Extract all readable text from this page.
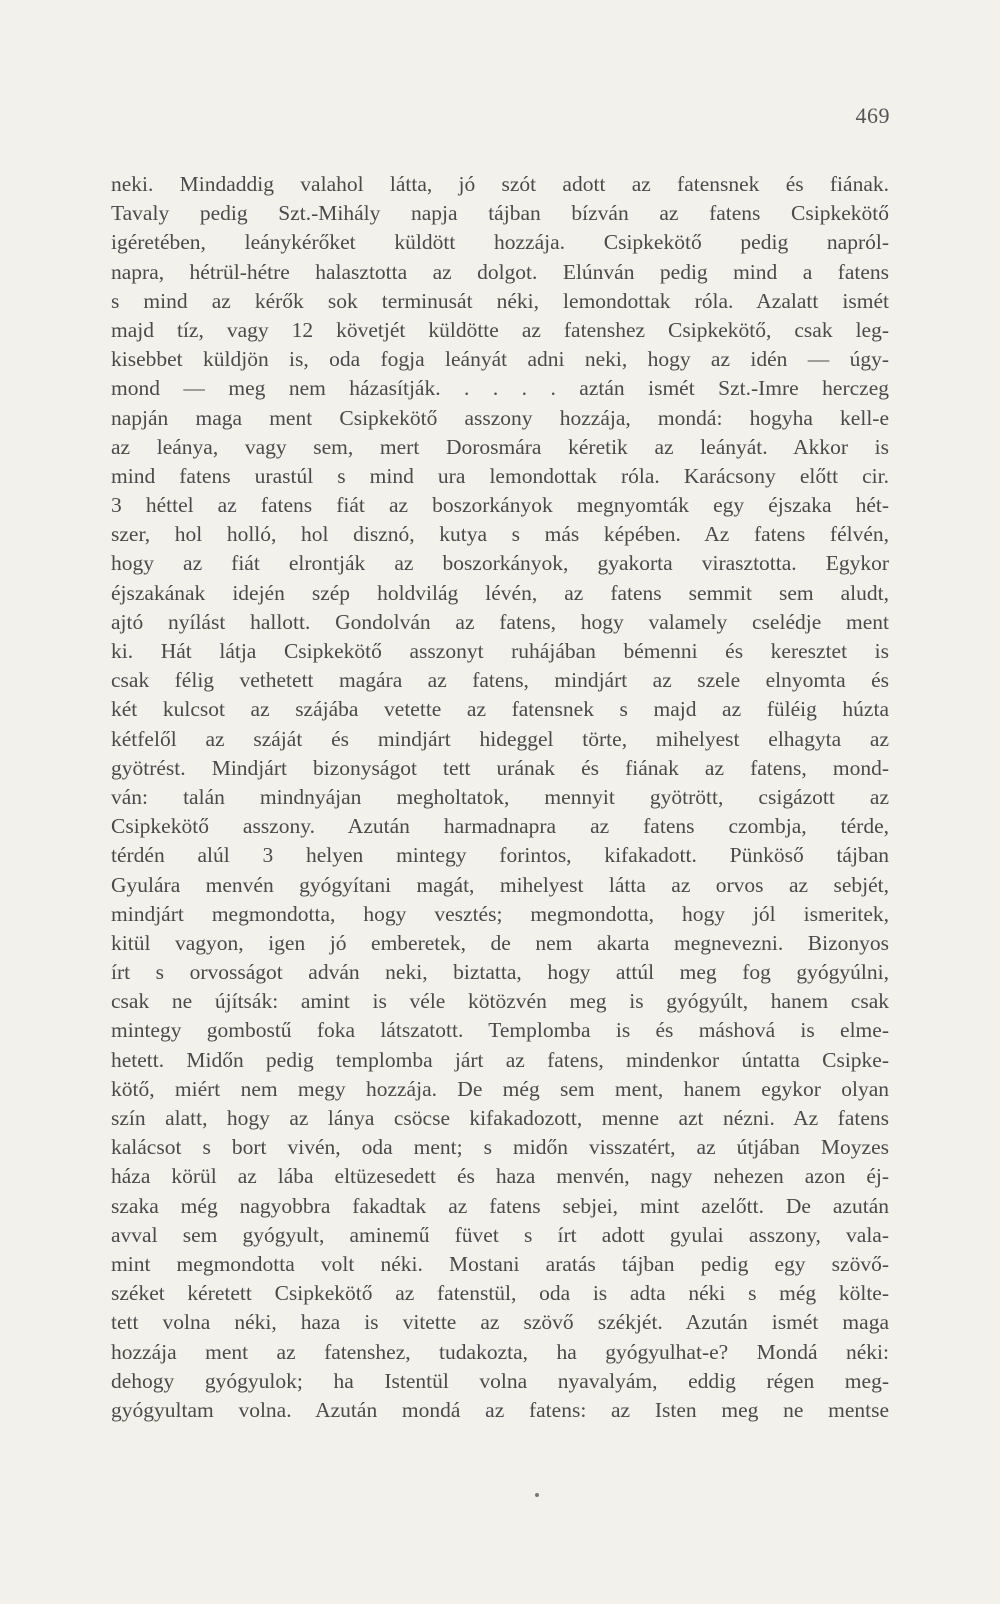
469
neki. Mindaddig valahol látta, jó szót adott az fatensnek és fiának.
Tavaly pedig Szt.-Mihály napja tájban bízván az fatens Csipkekötő
igéretében, leánykérőket küldött hozzája. Csipkekötő pedig napról-
napra, hétrül-hétre halasztotta az dolgot. Elúnván pedig mind a fatens
s mind az kérők sok terminusát néki, lemondottak róla. Azalatt ismét
majd tíz, vagy 12 követjét küldötte az fatenshez Csipkekötő, csak leg-
kisebbet küldjön is, oda fogja leányát adni neki, hogy az idén — úgy-
mond — meg nem házasítják. . . . . aztán ismét Szt.-Imre herczeg
napján maga ment Csipkekötő asszony hozzája, mondá: hogyha kell-e
az leánya, vagy sem, mert Dorosmára kéretik az leányát. Akkor is
mind fatens urastúl s mind ura lemondottak róla. Karácsony előtt cir.
3 héttel az fatens fiát az boszorkányok megnyomták egy éjszaka hét-
szer, hol holló, hol disznó, kutya s más képében. Az fatens félvén,
hogy az fiát elrontják az boszorkányok, gyakorta virasztotta. Egykor
éjszakának idején szép holdvilág lévén, az fatens semmit sem aludt,
ajtó nyílást hallott. Gondolván az fatens, hogy valamely cselédje ment
ki. Hát látja Csipkekötő asszonyt ruhájában bémenni és keresztet is
csak félig vethetett magára az fatens, mindjárt az szele elnyomta és
két kulcsot az szájába vetette az fatensnek s majd az füléig húzta
kétfelől az száját és mindjárt hideggel törte, mihelyest elhagyta az
gyötrést. Mindjárt bizonyságot tett urának és fiának az fatens, mond-
ván: talán mindnyájan megholtatok, mennyit gyötrött, csigázott az
Csipkekötő asszony. Azután harmadnapra az fatens czombja, térde,
térdén alúl 3 helyen mintegy forintos, kifakadott. Pünköső tájban
Gyulára menvén gyógyítani magát, mihelyest látta az orvos az sebjét,
mindjárt megmondotta, hogy vesztés; megmondotta, hogy jól ismeritek,
kitül vagyon, igen jó emberetek, de nem akarta megnevezni. Bizonyos
írt s orvosságot adván neki, biztatta, hogy attúl meg fog gyógyúlni,
csak ne újítsák: amint is véle kötözvén meg is gyógyúlt, hanem csak
mintegy gombostű foka látszatott. Templomba is és máshová is elme-
hetett. Midőn pedig templomba járt az fatens, mindenkor úntatta Csipke-
kötő, miért nem megy hozzája. De még sem ment, hanem egykor olyan
szín alatt, hogy az lánya csöcse kifakadozott, menne azt nézni. Az fatens
kalácsot s bort vivén, oda ment; s midőn visszatért, az útjában Moyzes
háza körül az lába eltüzesedett és haza menvén, nagy nehezen azon éj-
szaka még nagyobbra fakadtak az fatens sebjei, mint azelőtt. De azután
avval sem gyógyult, aminemű füvet s írt adott gyulai asszony, vala-
mint megmondotta volt néki. Mostani aratás tájban pedig egy szövő-
széket kéretett Csipkekötő az fatenstül, oda is adta néki s még költe-
tett volna néki, haza is vitette az szövő székjét. Azután ismét maga
hozzája ment az fatenshez, tudakozta, ha gyógyulhat-e? Mondá néki:
dehogy gyógyulok; ha Istentül volna nyavalyám, eddig régen meg-
gyógyultam volna. Azután mondá az fatens: az Isten meg ne mentse
